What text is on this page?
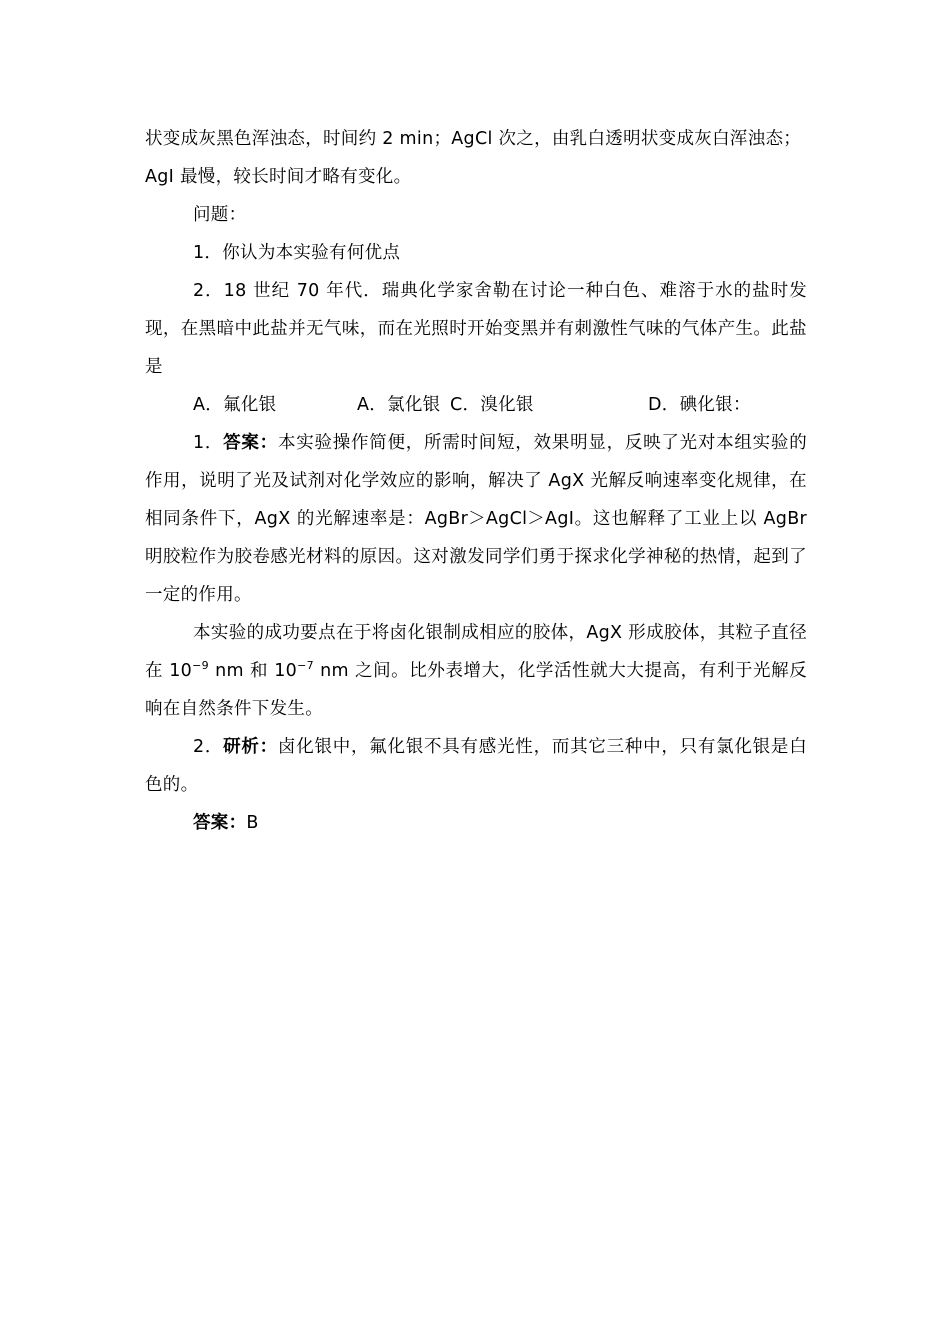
状变成灰黑色浑浊态，时间约 2 min；AgCl 次之，由乳白透明状变成灰白浑浊态；
AgI 最慢，较长时间才略有变化。

问题：

1．你认为本实验有何优点

2．18 世纪 70 年代．瑞典化学家舍勒在讨论一种白色、难溶于水的盐时发现，在黑暗中此盐并无气味，而在光照时开始变黑并有刺激性气味的气体产生。此盐是

A．氟化银	A．氯化银 C．溴化银	D．碘化银：

1．答案：本实验操作简便，所需时间短，效果明显，反映了光对本组实验的作用，说明了光及试剂对化学效应的影响，解决了 AgX 光解反响速率变化规律，在相同条件下，AgX 的光解速率是：AgBr＞AgCl＞AgI。这也解释了工业上以 AgBr 明胶粒作为胶卷感光材料的原因。这对激发同学们勇于探求化学神秘的热情，起到了一定的作用。

本实验的成功要点在于将卤化银制成相应的胶体，AgX 形成胶体，其粒子直径在 $10^{-9}$ nm 和 $10^{-7}$ nm 之间。比外表增大，化学活性就大大提高，有利于光解反响在自然条件下发生。

2．研析：卤化银中，氟化银不具有感光性，而其它三种中，只有氯化银是白色的。

答案：B
